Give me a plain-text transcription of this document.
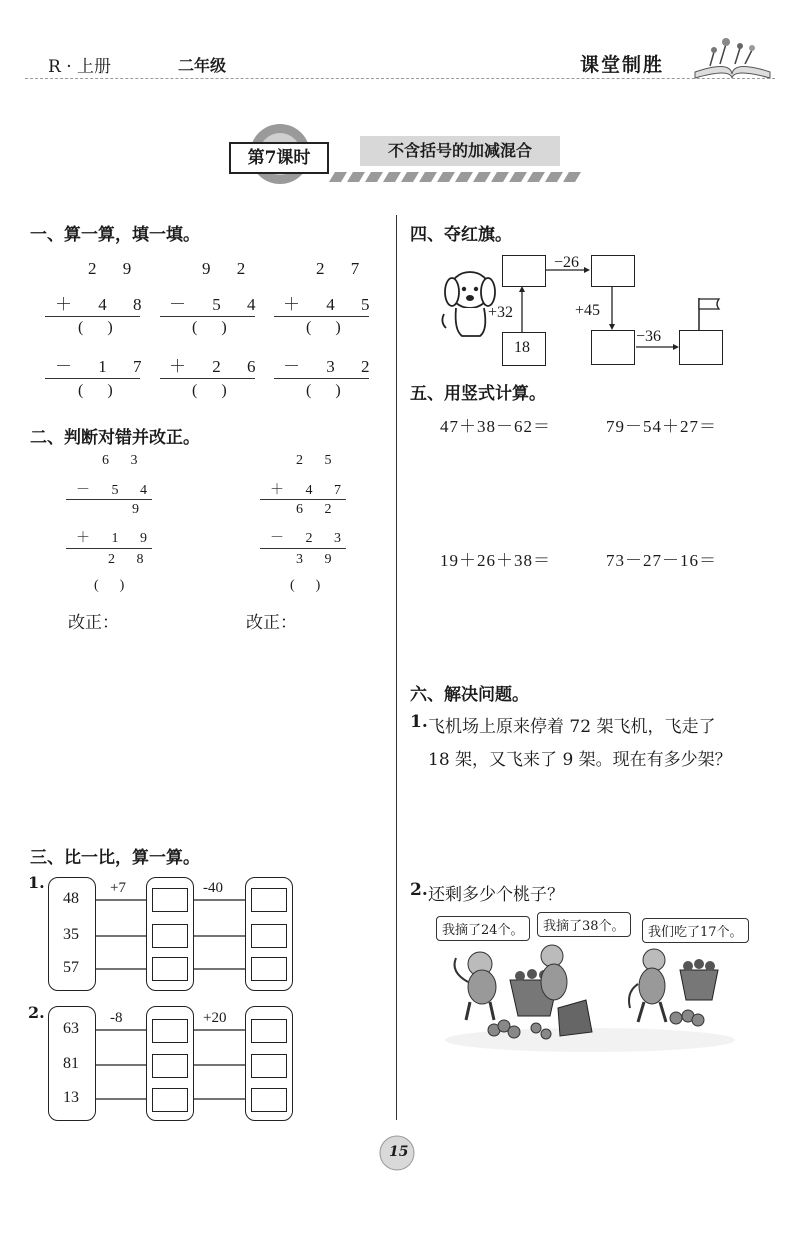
R · 上册	二年级	课堂制胜
第7课时	不含括号的加减混合
一、算一算，填一填。
2 9
＋ 4 8
(      )
－ 1 7
(      )
9 2
－ 5 4
(      )
＋ 2 6
(      )
2 7
＋ 4 5
(      )
－ 3 2
(      )
二、判断对错并改正。
6 3
－ 5 4
9
＋ 1 9
2 8
(      )
改正：
2 5
＋ 4 7
6 2
－ 2 3
3 9
(      )
改正：
三、比一比，算一算。
1.
48
35
57
+7	-40
2.
63
81
13
-8	+20
四、夺红旗。
18
+32
−26
+45
−36
五、用竖式计算。
47＋38－62＝	79－54＋27＝
19＋26＋38＝	73－27－16＝
六、解决问题。
1. 飞机场上原来停着 72 架飞机，飞走了
18 架，又飞来了 9 架。现在有多少架？
2. 还剩多少个桃子？
我摘了24个。	我摘了38个。	我们吃了17个。
15
